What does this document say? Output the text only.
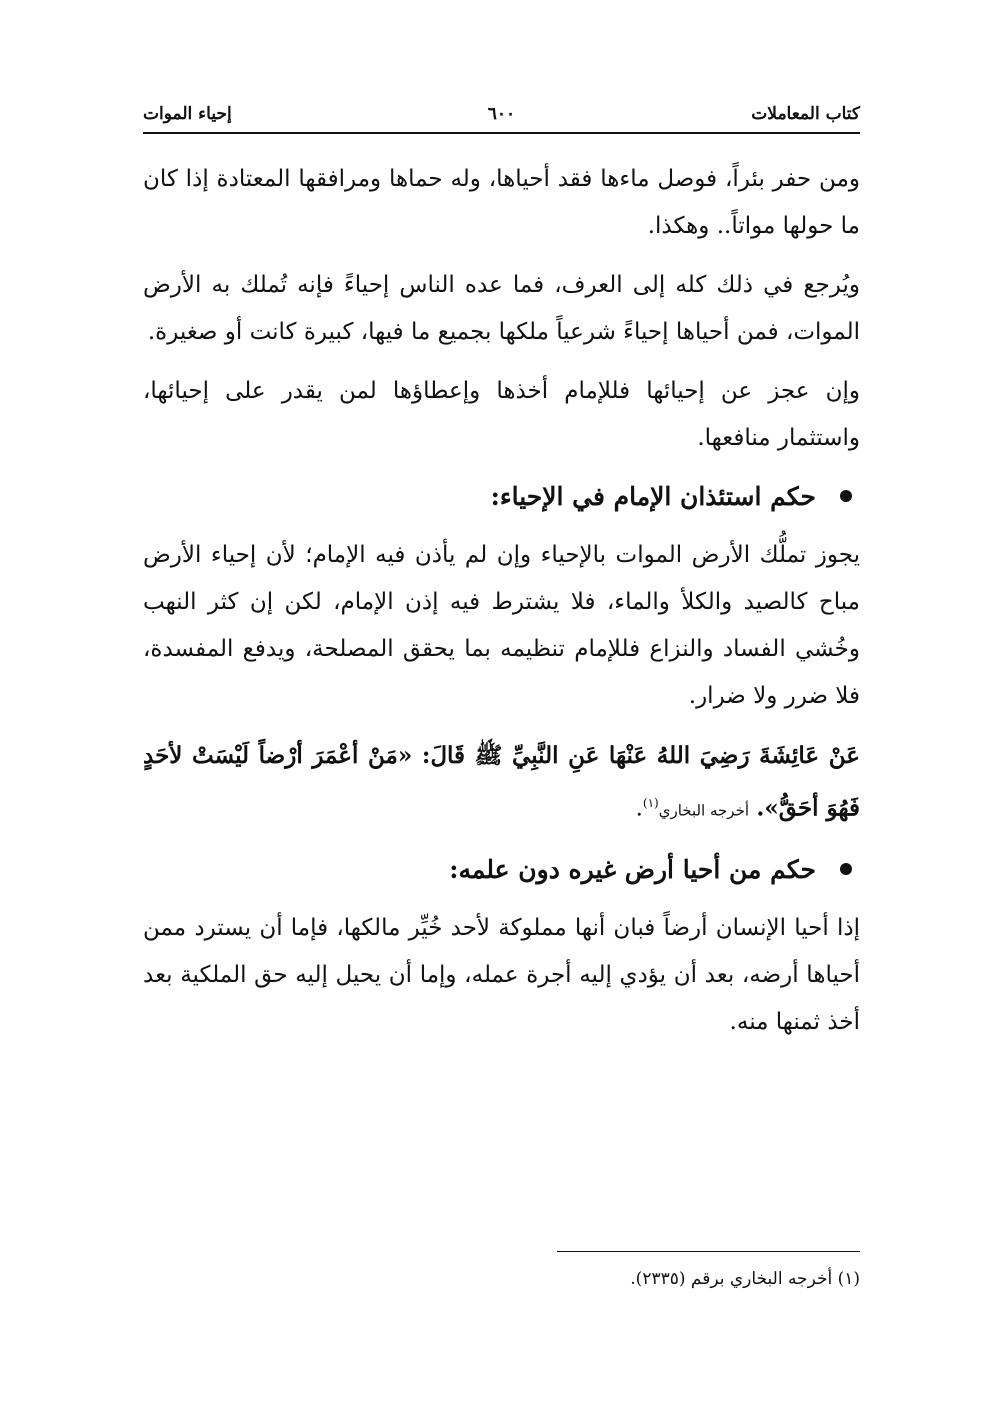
كتاب المعاملات
٦٠٠
إحياء الموات

ومن حفر بئراً، فوصل ماءها فقد أحياها، وله حماها ومرافقها المعتادة إذا كان ما حولها مواتاً.. وهكذا.

ويُرجع في ذلك كله إلى العرف، فما عده الناس إحياءً فإنه تُملك به الأرض الموات، فمن أحياها إحياءً شرعياً ملكها بجميع ما فيها، كبيرة كانت أو صغيرة.

وإن عجز عن إحيائها فللإمام أخذها وإعطاؤها لمن يقدر على إحيائها، واستثمار منافعها.

حكم استئذان الإمام في الإحياء:

يجوز تملُّك الأرض الموات بالإحياء وإن لم يأذن فيه الإمام؛ لأن إحياء الأرض مباح كالصيد والكلأ والماء، فلا يشترط فيه إذن الإمام، لكن إن كثر النهب وخُشي الفساد والنزاع فللإمام تنظيمه بما يحقق المصلحة، ويدفع المفسدة، فلا ضرر ولا ضرار.

عَنْ عَائِشَةَ رَضِيَ اللهُ عَنْهَا عَنِ النَّبِيِّ ﷺ قَالَ: «مَنْ أعْمَرَ أرْضاً لَيْسَتْ لأحَدٍ فَهُوَ أحَقُّ». أخرجه البخاري$^{(١)}$.

حكم من أحيا أرض غيره دون علمه:

إذا أحيا الإنسان أرضاً فبان أنها مملوكة لأحد خُيِّر مالكها، فإما أن يسترد ممن أحياها أرضه، بعد أن يؤدي إليه أجرة عمله، وإما أن يحيل إليه حق الملكية بعد أخذ ثمنها منه.

(١) أخرجه البخاري برقم (٢٣٣٥).
